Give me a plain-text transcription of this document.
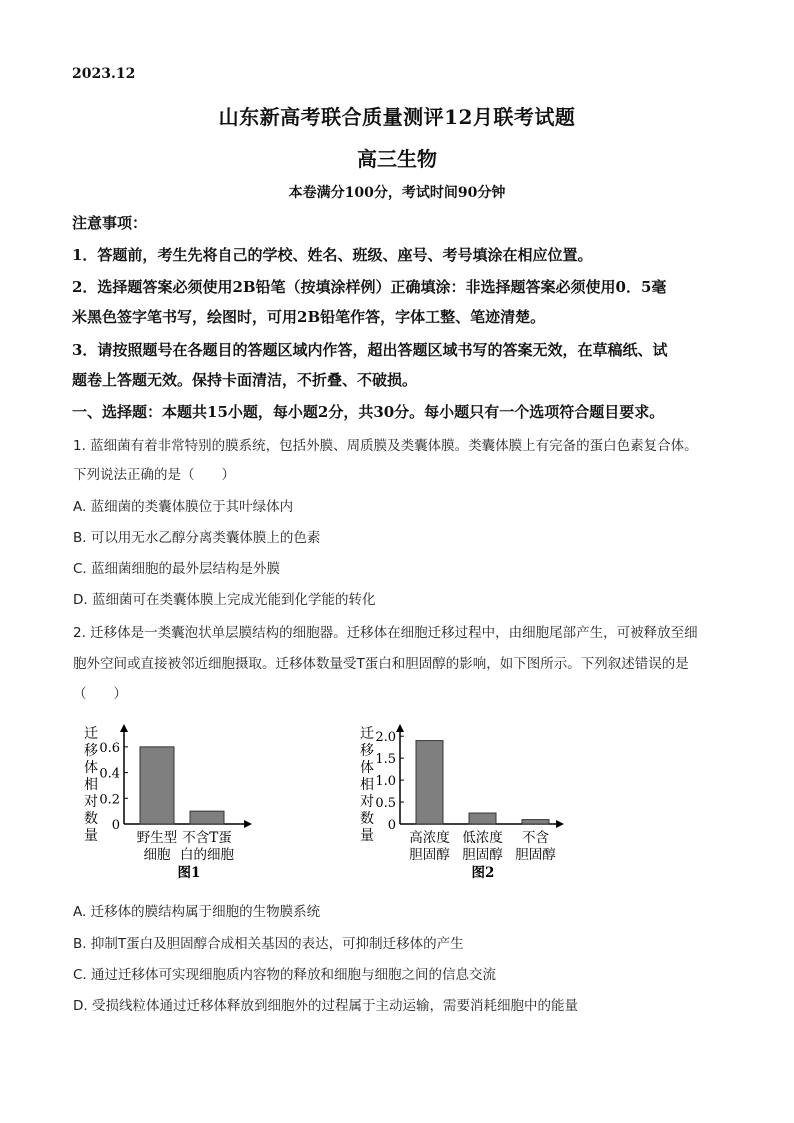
2023.12
山东新高考联合质量测评12月联考试题
高三生物
本卷满分100分，考试时间90分钟
注意事项：
1．答题前，考生先将自己的学校、姓名、班级、座号、考号填涂在相应位置。
2．选择题答案必须使用2B铅笔（按填涂样例）正确填涂：非选择题答案必须使用0．5毫
米黑色签字笔书写，绘图时，可用2B铅笔作答，字体工整、笔迹清楚。
3．请按照题号在各题目的答题区域内作答，超出答题区域书写的答案无效，在草稿纸、试
题卷上答题无效。保持卡面清洁，不折叠、不破损。
一、选择题：本题共15小题，每小题2分，共30分。每小题只有一个选项符合题目要求。
1. 蓝细菌有着非常特别的膜系统，包括外膜、周质膜及类囊体膜。类囊体膜上有完备的蛋白色素复合体。
下列说法正确的是（　　）
A. 蓝细菌的类囊体膜位于其叶绿体内
B. 可以用无水乙醇分离类囊体膜上的色素
C. 蓝细菌细胞的最外层结构是外膜
D. 蓝细菌可在类囊体膜上完成光能到化学能的转化
2. 迁移体是一类囊泡状单层膜结构的细胞器。迁移体在细胞迁移过程中，由细胞尾部产生，可被释放至细
胞外空间或直接被邻近细胞摄取。迁移体数量受T蛋白和胆固醇的影响，如下图所示。下列叙述错误的是
（　　）
迁
移
体
相
对
数
量
0
0.2
0.4
0.6
野生型
细胞
不含T蛋
白的细胞
图1
迁
移
体
相
对
数
量
0
0.5
1.0
1.5
2.0
高浓度
胆固醇
低浓度
胆固醇
不含
胆固醇
图2
A. 迁移体的膜结构属于细胞的生物膜系统
B. 抑制T蛋白及胆固醇合成相关基因的表达，可抑制迁移体的产生
C. 通过迁移体可实现细胞质内容物的释放和细胞与细胞之间的信息交流
D. 受损线粒体通过迁移体释放到细胞外的过程属于主动运输，需要消耗细胞中的能量
